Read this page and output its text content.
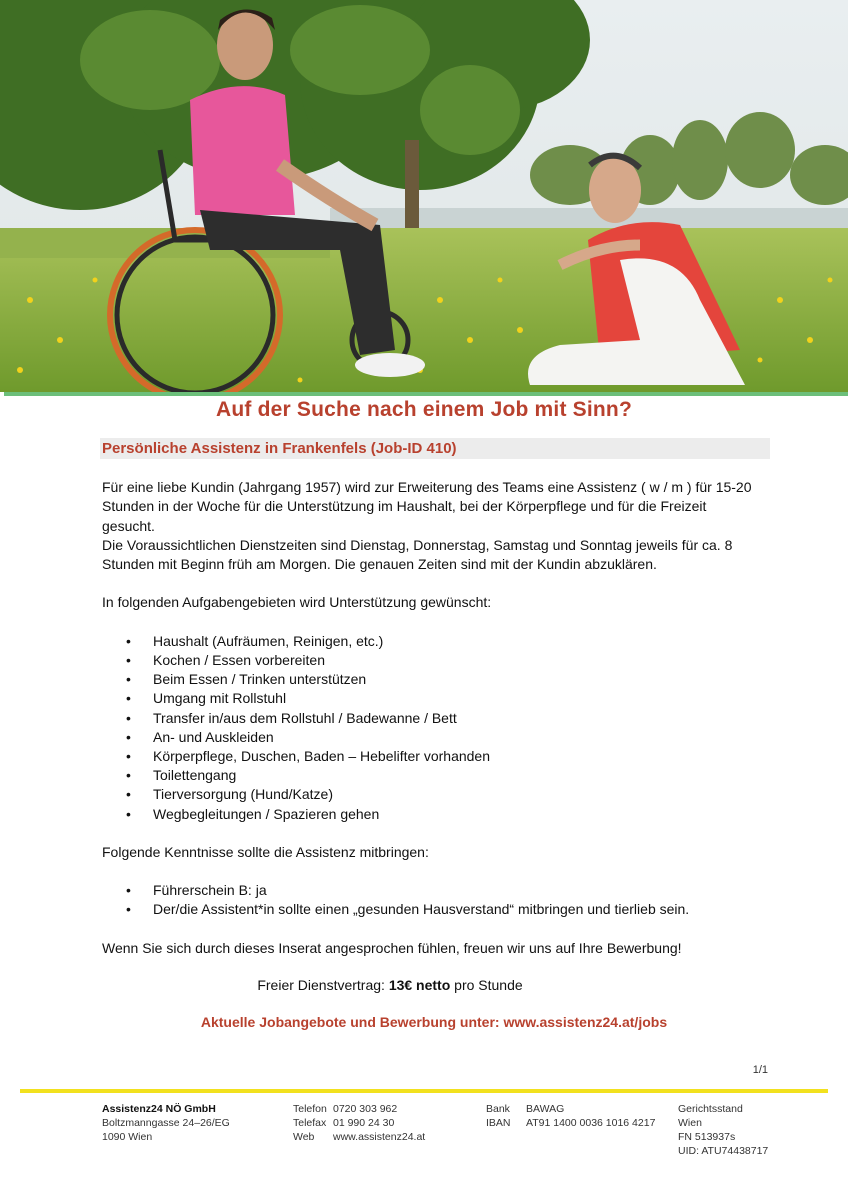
Auf der Suche nach einem Job mit Sinn?
Persönliche Assistenz in Frankenfels (Job-ID 410)

Für eine liebe Kundin (Jahrgang 1957) wird zur Erweiterung des Teams eine Assistenz ( w / m ) für 15-20

Stunden in der Woche für die Unterstützung im Haushalt, bei der Körperpflege und für die Freizeit

gesucht.

Die Voraussichtlichen Dienstzeiten sind Dienstag, Donnerstag, Samstag und Sonntag jeweils für ca. 8

Stunden mit Beginn früh am Morgen. Die genauen Zeiten sind mit der Kundin abzuklären.

In folgenden Aufgabengebieten wird Unterstützung gewünscht:

• Haushalt (Aufräumen, Reinigen, etc.)
• Kochen / Essen vorbereiten
• Beim Essen / Trinken unterstützen
• Umgang mit Rollstuhl
• Transfer in/aus dem Rollstuhl / Badewanne / Bett
• An- und Auskleiden
• Körperpflege, Duschen, Baden – Hebelifter vorhanden
• Toilettengang
• Tierversorgung (Hund/Katze)
• Wegbegleitungen / Spazieren gehen

Folgende Kenntnisse sollte die Assistenz mitbringen:

• Führerschein B: ja
• Der/die Assistent*in sollte einen „gesunden Hausverstand“ mitbringen und tierlieb sein.

Wenn Sie sich durch dieses Inserat angesprochen fühlen, freuen wir uns auf Ihre Bewerbung!

Freier Dienstvertrag: 13€ netto pro Stunde
Aktuelle Jobangebote und Bewerbung unter: www.assistenz24.at/jobs
1/1
Assistenz24 NÖ GmbH
Boltzmanngasse 24–26/EG
1090 Wien
Telefon 0720 303 962
Telefax 01 990 24 30
Web	www.assistenz24.at
Bank	BAWAG
IBAN	AT91 1400 0036 1016 4217
Gerichtsstand
Wien
FN 513937s
UID: ATU74438717
